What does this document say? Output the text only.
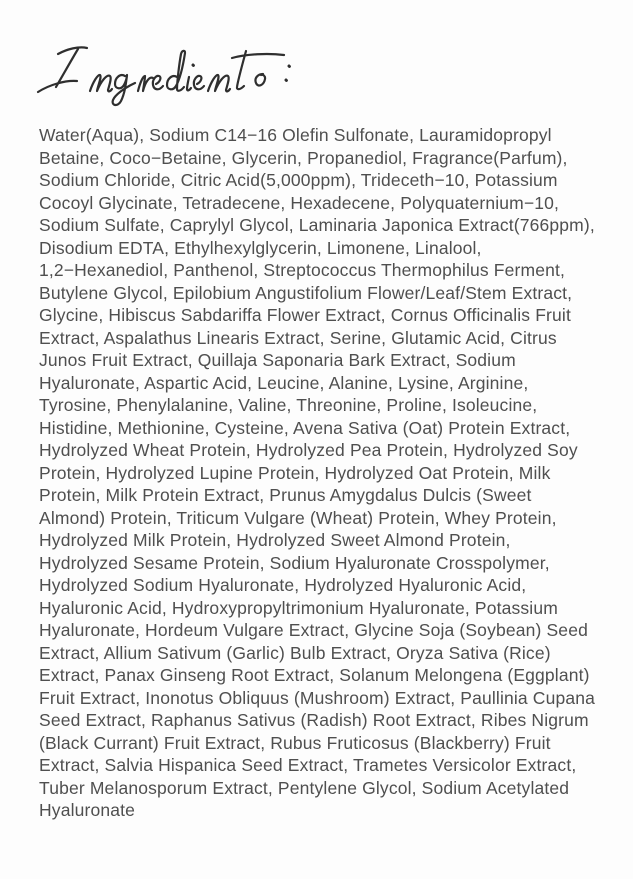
Water(Aqua), Sodium C14−16 Olefin Sulfonate, Lauramidopropyl Betaine, Coco−Betaine, Glycerin, Propanediol, Fragrance(Parfum), Sodium Chloride, Citric Acid(5,000ppm), Trideceth−10, Potassium Cocoyl Glycinate, Tetradecene, Hexadecene, Polyquaternium−10, Sodium Sulfate, Caprylyl Glycol, Laminaria Japonica Extract(766ppm), Disodium EDTA, Ethylhexylglycerin, Limonene, Linalool, 1,2−Hexanediol, Panthenol, Streptococcus Thermophilus Ferment, Butylene Glycol, Epilobium Angustifolium Flower/Leaf/Stem Extract, Glycine, Hibiscus Sabdariffa Flower Extract, Cornus Officinalis Fruit Extract, Aspalathus Linearis Extract, Serine, Glutamic Acid, Citrus Junos Fruit Extract, Quillaja Saponaria Bark Extract, Sodium Hyaluronate, Aspartic Acid, Leucine, Alanine, Lysine, Arginine, Tyrosine, Phenylalanine, Valine, Threonine, Proline, Isoleucine, Histidine, Methionine, Cysteine, Avena Sativa (Oat) Protein Extract, Hydrolyzed Wheat Protein, Hydrolyzed Pea Protein, Hydrolyzed Soy Protein, Hydrolyzed Lupine Protein, Hydrolyzed Oat Protein, Milk Protein, Milk Protein Extract, Prunus Amygdalus Dulcis (Sweet Almond) Protein, Triticum Vulgare (Wheat) Protein, Whey Protein, Hydrolyzed Milk Protein, Hydrolyzed Sweet Almond Protein, Hydrolyzed Sesame Protein, Sodium Hyaluronate Crosspolymer, Hydrolyzed Sodium Hyaluronate, Hydrolyzed Hyaluronic Acid, Hyaluronic Acid, Hydroxypropyltrimonium Hyaluronate, Potassium Hyaluronate, Hordeum Vulgare Extract, Glycine Soja (Soybean) Seed Extract, Allium Sativum (Garlic) Bulb Extract, Oryza Sativa (Rice) Extract, Panax Ginseng Root Extract, Solanum Melongena (Eggplant) Fruit Extract, Inonotus Obliquus (Mushroom) Extract, Paullinia Cupana Seed Extract, Raphanus Sativus (Radish) Root Extract, Ribes Nigrum (Black Currant) Fruit Extract, Rubus Fruticosus (Blackberry) Fruit Extract, Salvia Hispanica Seed Extract, Trametes Versicolor Extract, Tuber Melanosporum Extract, Pentylene Glycol, Sodium Acetylated Hyaluronate
